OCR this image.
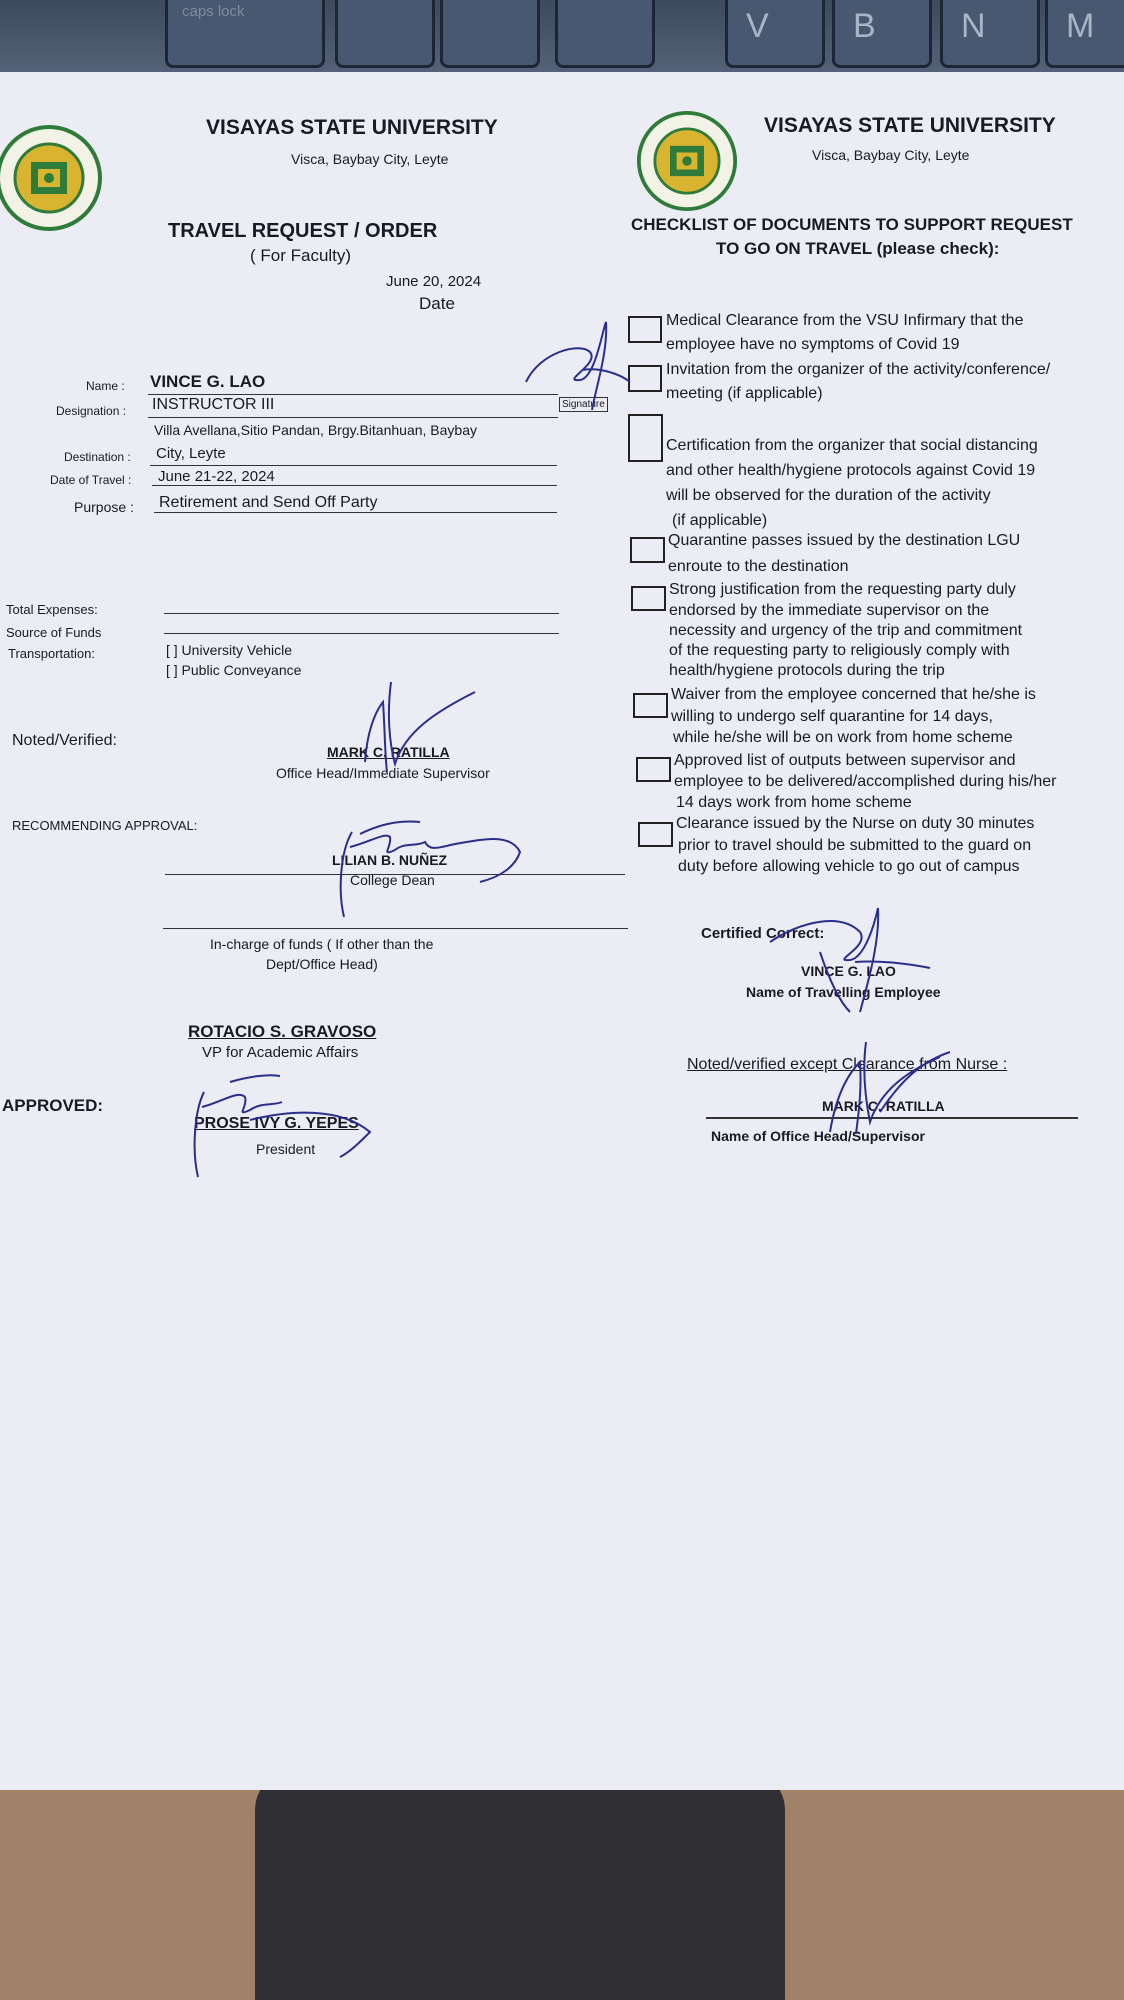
caps lock	V	B	N	M
VISAYAS STATE UNIVERSITY
Visca, Baybay City, Leyte
TRAVEL REQUEST / ORDER
( For Faculty)
June 20, 2024
Date
Name : VINCE G. LAO
Designation : INSTRUCTOR III	Signature
Villa Avellana,Sitio Pandan, Brgy.Bitanhuan, Baybay
Destination : City, Leyte
Date of Travel : June 21-22, 2024
Purpose : Retirement and Send Off Party
Total Expenses:
Source of Funds
Transportation:	[ ] University Vehicle
[ ] Public Conveyance
Noted/Verified:
MARK C. RATILLA
Office Head/Immediate Supervisor
RECOMMENDING APPROVAL:
LILIAN B. NUÑEZ
College Dean
In-charge of funds ( If other than the
Dept/Office Head)
ROTACIO S. GRAVOSO
VP for Academic Affairs
APPROVED:
PROSE IVY G. YEPES
President
VISAYAS STATE UNIVERSITY
Visca, Baybay City, Leyte
CHECKLIST OF DOCUMENTS TO SUPPORT REQUEST
TO GO ON TRAVEL (please check):
Medical Clearance from the VSU Infirmary that the
employee have no symptoms of Covid 19
Invitation from the organizer of the activity/conference/
meeting (if applicable)
Certification from the organizer that social distancing
and other health/hygiene protocols against Covid 19
will be observed for the duration of the activity
(if applicable)
Quarantine passes issued by the destination LGU
enroute to the destination
Strong justification from the requesting party duly
endorsed by the immediate supervisor on the
necessity and urgency of the trip and commitment
of the requesting party to religiously comply with
health/hygiene protocols during the trip
Waiver from the employee concerned that he/she is
willing to undergo self quarantine for 14 days,
while he/she will be on work from home scheme
Approved list of outputs between supervisor and
employee to be delivered/accomplished during his/her
14 days work from home scheme
Clearance issued by the Nurse on duty 30 minutes
prior to travel should be submitted to the guard on
duty before allowing vehicle to go out of campus
Certified Correct:
VINCE G. LAO
Name of Travelling Employee
Noted/verified except Clearance from Nurse :
MARK C. RATILLA
Name of Office Head/Supervisor
